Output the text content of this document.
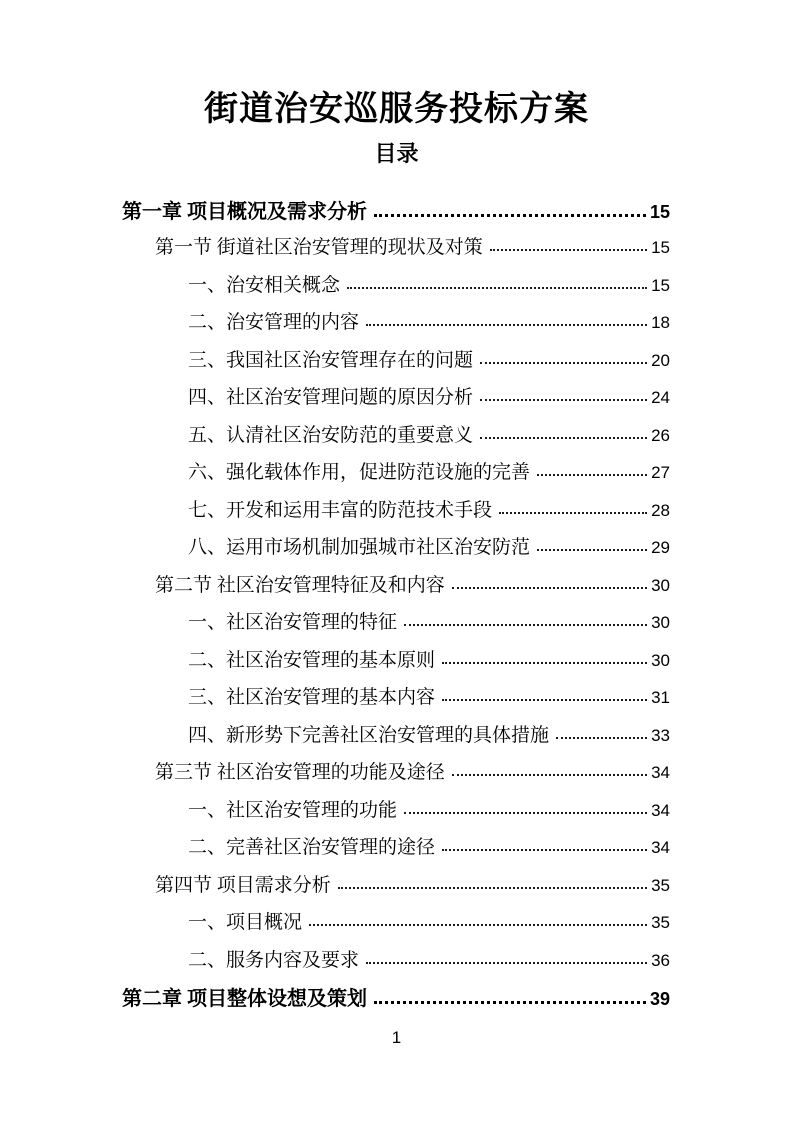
街道治安巡服务投标方案
目录
第一章 项目概况及需求分析	15
第一节 街道社区治安管理的现状及对策	15
一、治安相关概念	15
二、治安管理的内容	18
三、我国社区治安管理存在的问题	20
四、社区治安管理问题的原因分析	24
五、认清社区治安防范的重要意义	26
六、强化载体作用，促进防范设施的完善	27
七、开发和运用丰富的防范技术手段	28
八、运用市场机制加强城市社区治安防范	29
第二节 社区治安管理特征及和内容	30
一、社区治安管理的特征	30
二、社区治安管理的基本原则	30
三、社区治安管理的基本内容	31
四、新形势下完善社区治安管理的具体措施	33
第三节 社区治安管理的功能及途径	34
一、社区治安管理的功能	34
二、完善社区治安管理的途径	34
第四节 项目需求分析	35
一、项目概况	35
二、服务内容及要求	36
第二章 项目整体设想及策划	39
1
